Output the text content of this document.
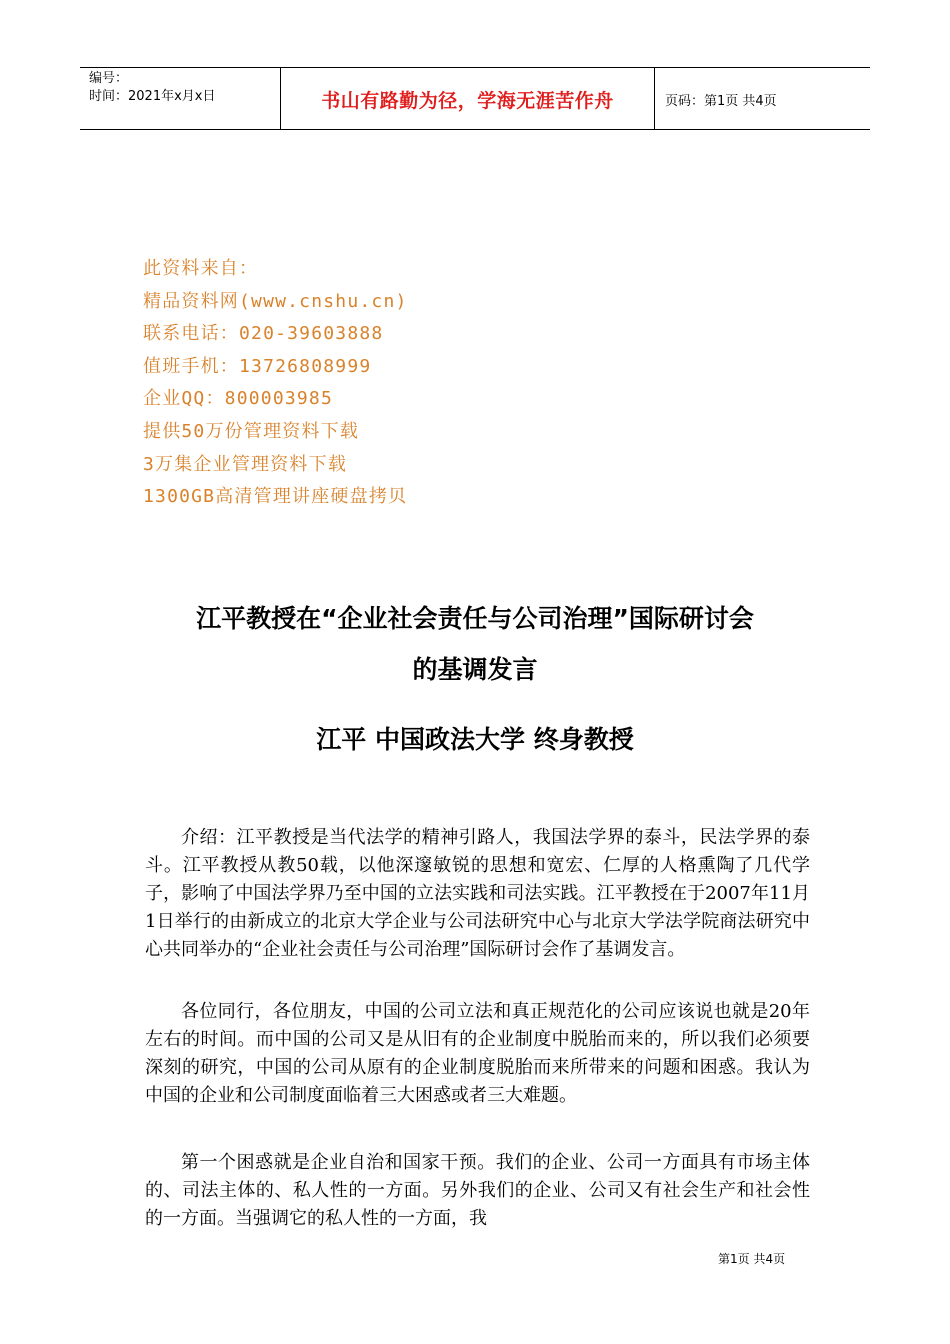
编号：
时间：2021年x月x日	书山有路勤为径，学海无涯苦作舟	页码：第1页 共4页
此资料来自：
精品资料网(www.cnshu.cn)
联系电话：020-39603888
值班手机：13726808999
企业QQ：800003985
提供50万份管理资料下载
3万集企业管理资料下载
1300GB高清管理讲座硬盘拷贝
江平教授在“企业社会责任与公司治理”国际研讨会
的基调发言
江平 中国政法大学 终身教授

介绍：江平教授是当代法学的精神引路人，我国法学界的泰斗，民法学界的泰斗。江平教授从教50载，以他深邃敏锐的思想和宽宏、仁厚的人格熏陶了几代学子，影响了中国法学界乃至中国的立法实践和司法实践。江平教授在于2007年11月1日举行的由新成立的北京大学企业与公司法研究中心与北京大学法学院商法研究中心共同举办的“企业社会责任与公司治理”国际研讨会作了基调发言。

各位同行，各位朋友，中国的公司立法和真正规范化的公司应该说也就是20年左右的时间。而中国的公司又是从旧有的企业制度中脱胎而来的，所以我们必须要深刻的研究，中国的公司从原有的企业制度脱胎而来所带来的问题和困惑。我认为中国的企业和公司制度面临着三大困惑或者三大难题。

第一个困惑就是企业自治和国家干预。我们的企业、公司一方面具有市场主体的、司法主体的、私人性的一方面。另外我们的企业、公司又有社会生产和社会性的一方面。当强调它的私人性的一方面，我

第1页 共4页
